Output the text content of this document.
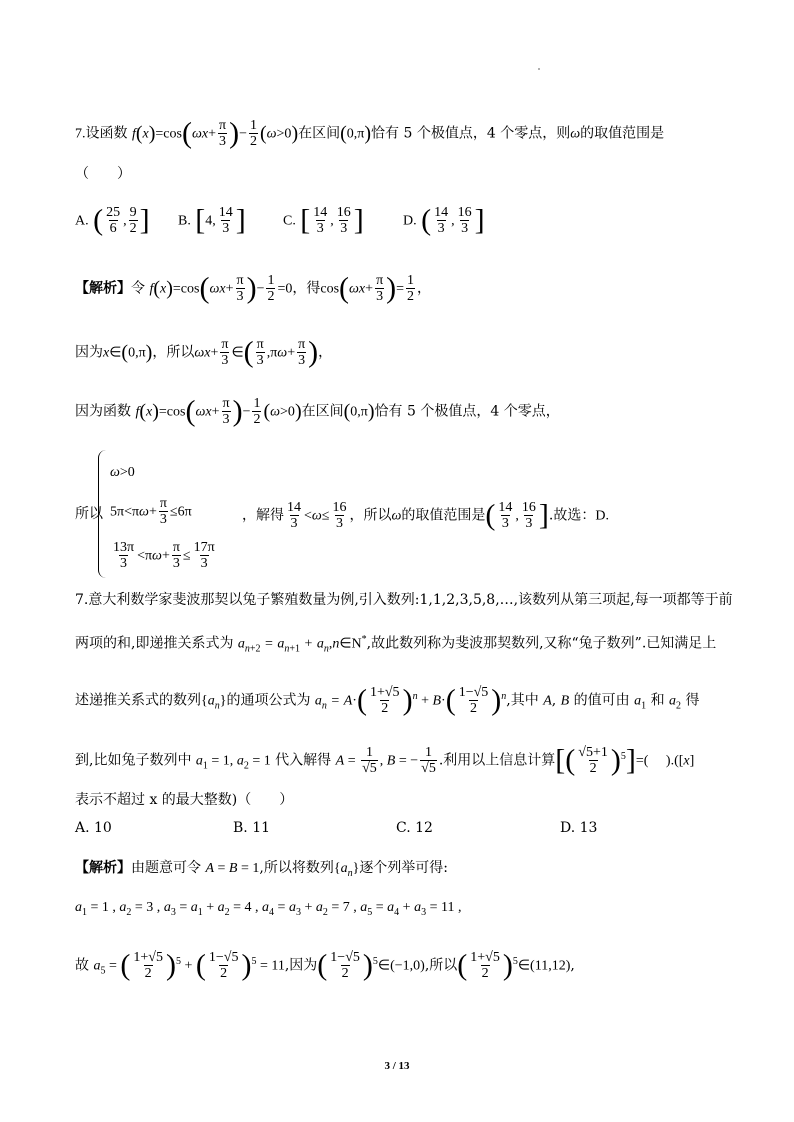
7.设函数 $f(x)=\cos(\omega x+ \frac{\pi}{3}$ )− $\frac{1}{2} (\omega>0)$在区间(0,π)恰有 5 个极值点，4 个零点，则ω的取值范围是
（　　）
A. ( $\frac{25}{6}$ , $\frac{9}{2}$ ] B. [4, $\frac{14}{3}$ ]	C. [ $\frac{14}{3}$ , $\frac{16}{3}$ ]	D. ( $\frac{14}{3}$ , $\frac{16}{3}$ ]
【解析】令 $f(x)=\cos(\omega x+ \frac{\pi}{3}$ )− $\frac{1}{2} =0$，得$\cos(\omega x+ \frac{\pi}{3}$ )= $\frac{1}{2}$ ，
因为x∈(0,π)，所以$\omega x+ \frac{\pi}{3}$ ∈( $\frac{\pi}{3} ,\pi\omega+ \frac{\pi}{3}$ )，
因为函数 $f(x)=\cos(\omega x+ \frac{\pi}{3}$ )− $\frac{1}{2} (\omega>0)$在区间(0,π)恰有 5 个极值点，4 个零点，
所以
ω>0
$5\pi<\pi\omega+ \frac{\pi}{3} \le 6\pi$
$\frac{13\pi}{3} <\pi\omega+ \frac{\pi}{3} \le \frac{17\pi}{3}$
，解得 $\frac{14}{3} <\omega\le \frac{16}{3}$ ，所以ω的取值范围是( $\frac{14}{3}$ , $\frac{16}{3}$ ].故选：D.
7.意大利数学家斐波那契以兔子繁殖数量为例,引入数列:1,1,2,3,5,8,…,该数列从第三项起,每一项都等于前
两项的和,即递推关系式为 $a_{n+2} = a_{n+1}$ + $a_n,n\in N^*$,故此数列称为斐波那契数列,又称“兔子数列”.已知满足上
述递推关系式的数列$\{a_n\}$的通项公式为 $a_n = A\cdot( \frac{1+√5}{2} )^n + B\cdot( \frac{1-√5}{2} )^n$,其中 A, B 的值可由 $a_1$ 和 $a_2$ 得
到,比如兔子数列中 $a_1 = 1$, $a_2 = 1$ 代入解得 $A = \frac{1}{√5}$ , B = − $\frac{1}{√5}$ .利用以上信息计算[( $\frac{√5+1}{2} )^5]=$(　 ).([x]
表示不超过 x 的最大整数)（　　）
A. 10	B. 11	C. 12	D. 13
【解析】由题意可令 A = B = 1,所以将数列$\{a_n\}$逐个列举可得:
$a_1 = 1$ , $a_2 = 3$ , $a_3 = a_1 + a_2 = 4$ , $a_4 = a_3 + a_2 = 7$ , $a_5 = a_4 + a_3 = 11$ ,
故 $a_5$ = ( $\frac{1+√5}{2} )^5$ + ( $\frac{1-√5}{2} )^5 = 11$,因为( $\frac{1-√5}{2}$ )$^5$∈(−1,0),所以( $\frac{1+√5}{2}$ )$^5$∈(11,12),
3 / 13
